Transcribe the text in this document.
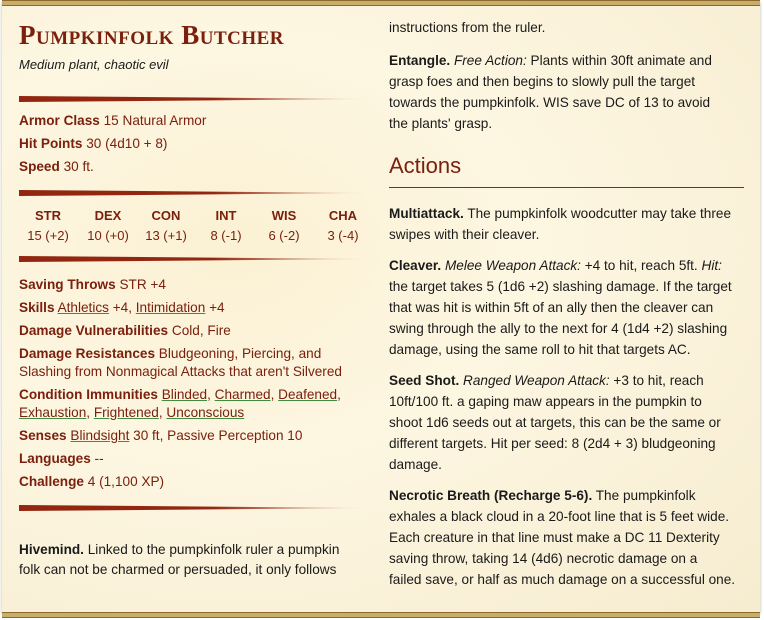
Pumpkinfolk Butcher
Medium plant, chaotic evil
Armor Class 15 Natural Armor
Hit Points 30 (4d10 + 8)
Speed 30 ft.
STR
15 (+2)
DEX
10 (+0)
CON
13 (+1)
INT
8 (-1)
WIS
6 (-2)
CHA
3 (-4)
Saving Throws STR +4
Skills Athletics +4, Intimidation +4
Damage Vulnerabilities Cold, Fire
Damage Resistances Bludgeoning, Piercing, and
Slashing from Nonmagical Attacks that aren't Silvered
Condition Immunities Blinded, Charmed, Deafened,
Exhaustion, Frightened, Unconscious
Senses Blindsight 30 ft, Passive Perception 10
Languages --
Challenge 4 (1,100 XP)
Hivemind. Linked to the pumpkinfolk ruler a pumpkin
folk can not be charmed or persuaded, it only follows
instructions from the ruler.
Entangle. Free Action: Plants within 30ft animate and
grasp foes and then begins to slowly pull the target
towards the pumpkinfolk. WIS save DC of 13 to avoid
the plants' grasp.
Actions
Multiattack. The pumpkinfolk woodcutter may take three
swipes with their cleaver.
Cleaver. Melee Weapon Attack: +4 to hit, reach 5ft. Hit:
the target takes 5 (1d6 +2) slashing damage. If the target
that was hit is within 5ft of an ally then the cleaver can
swing through the ally to the next for 4 (1d4 +2) slashing
damage, using the same roll to hit that targets AC.
Seed Shot. Ranged Weapon Attack: +3 to hit, reach
10ft/100 ft. a gaping maw appears in the pumpkin to
shoot 1d6 seeds out at targets, this can be the same or
different targets. Hit per seed: 8 (2d4 + 3) bludgeoning
damage.
Necrotic Breath (Recharge 5-6). The pumpkinfolk
exhales a black cloud in a 20-foot line that is 5 feet wide.
Each creature in that line must make a DC 11 Dexterity
saving throw, taking 14 (4d6) necrotic damage on a
failed save, or half as much damage on a successful one.
